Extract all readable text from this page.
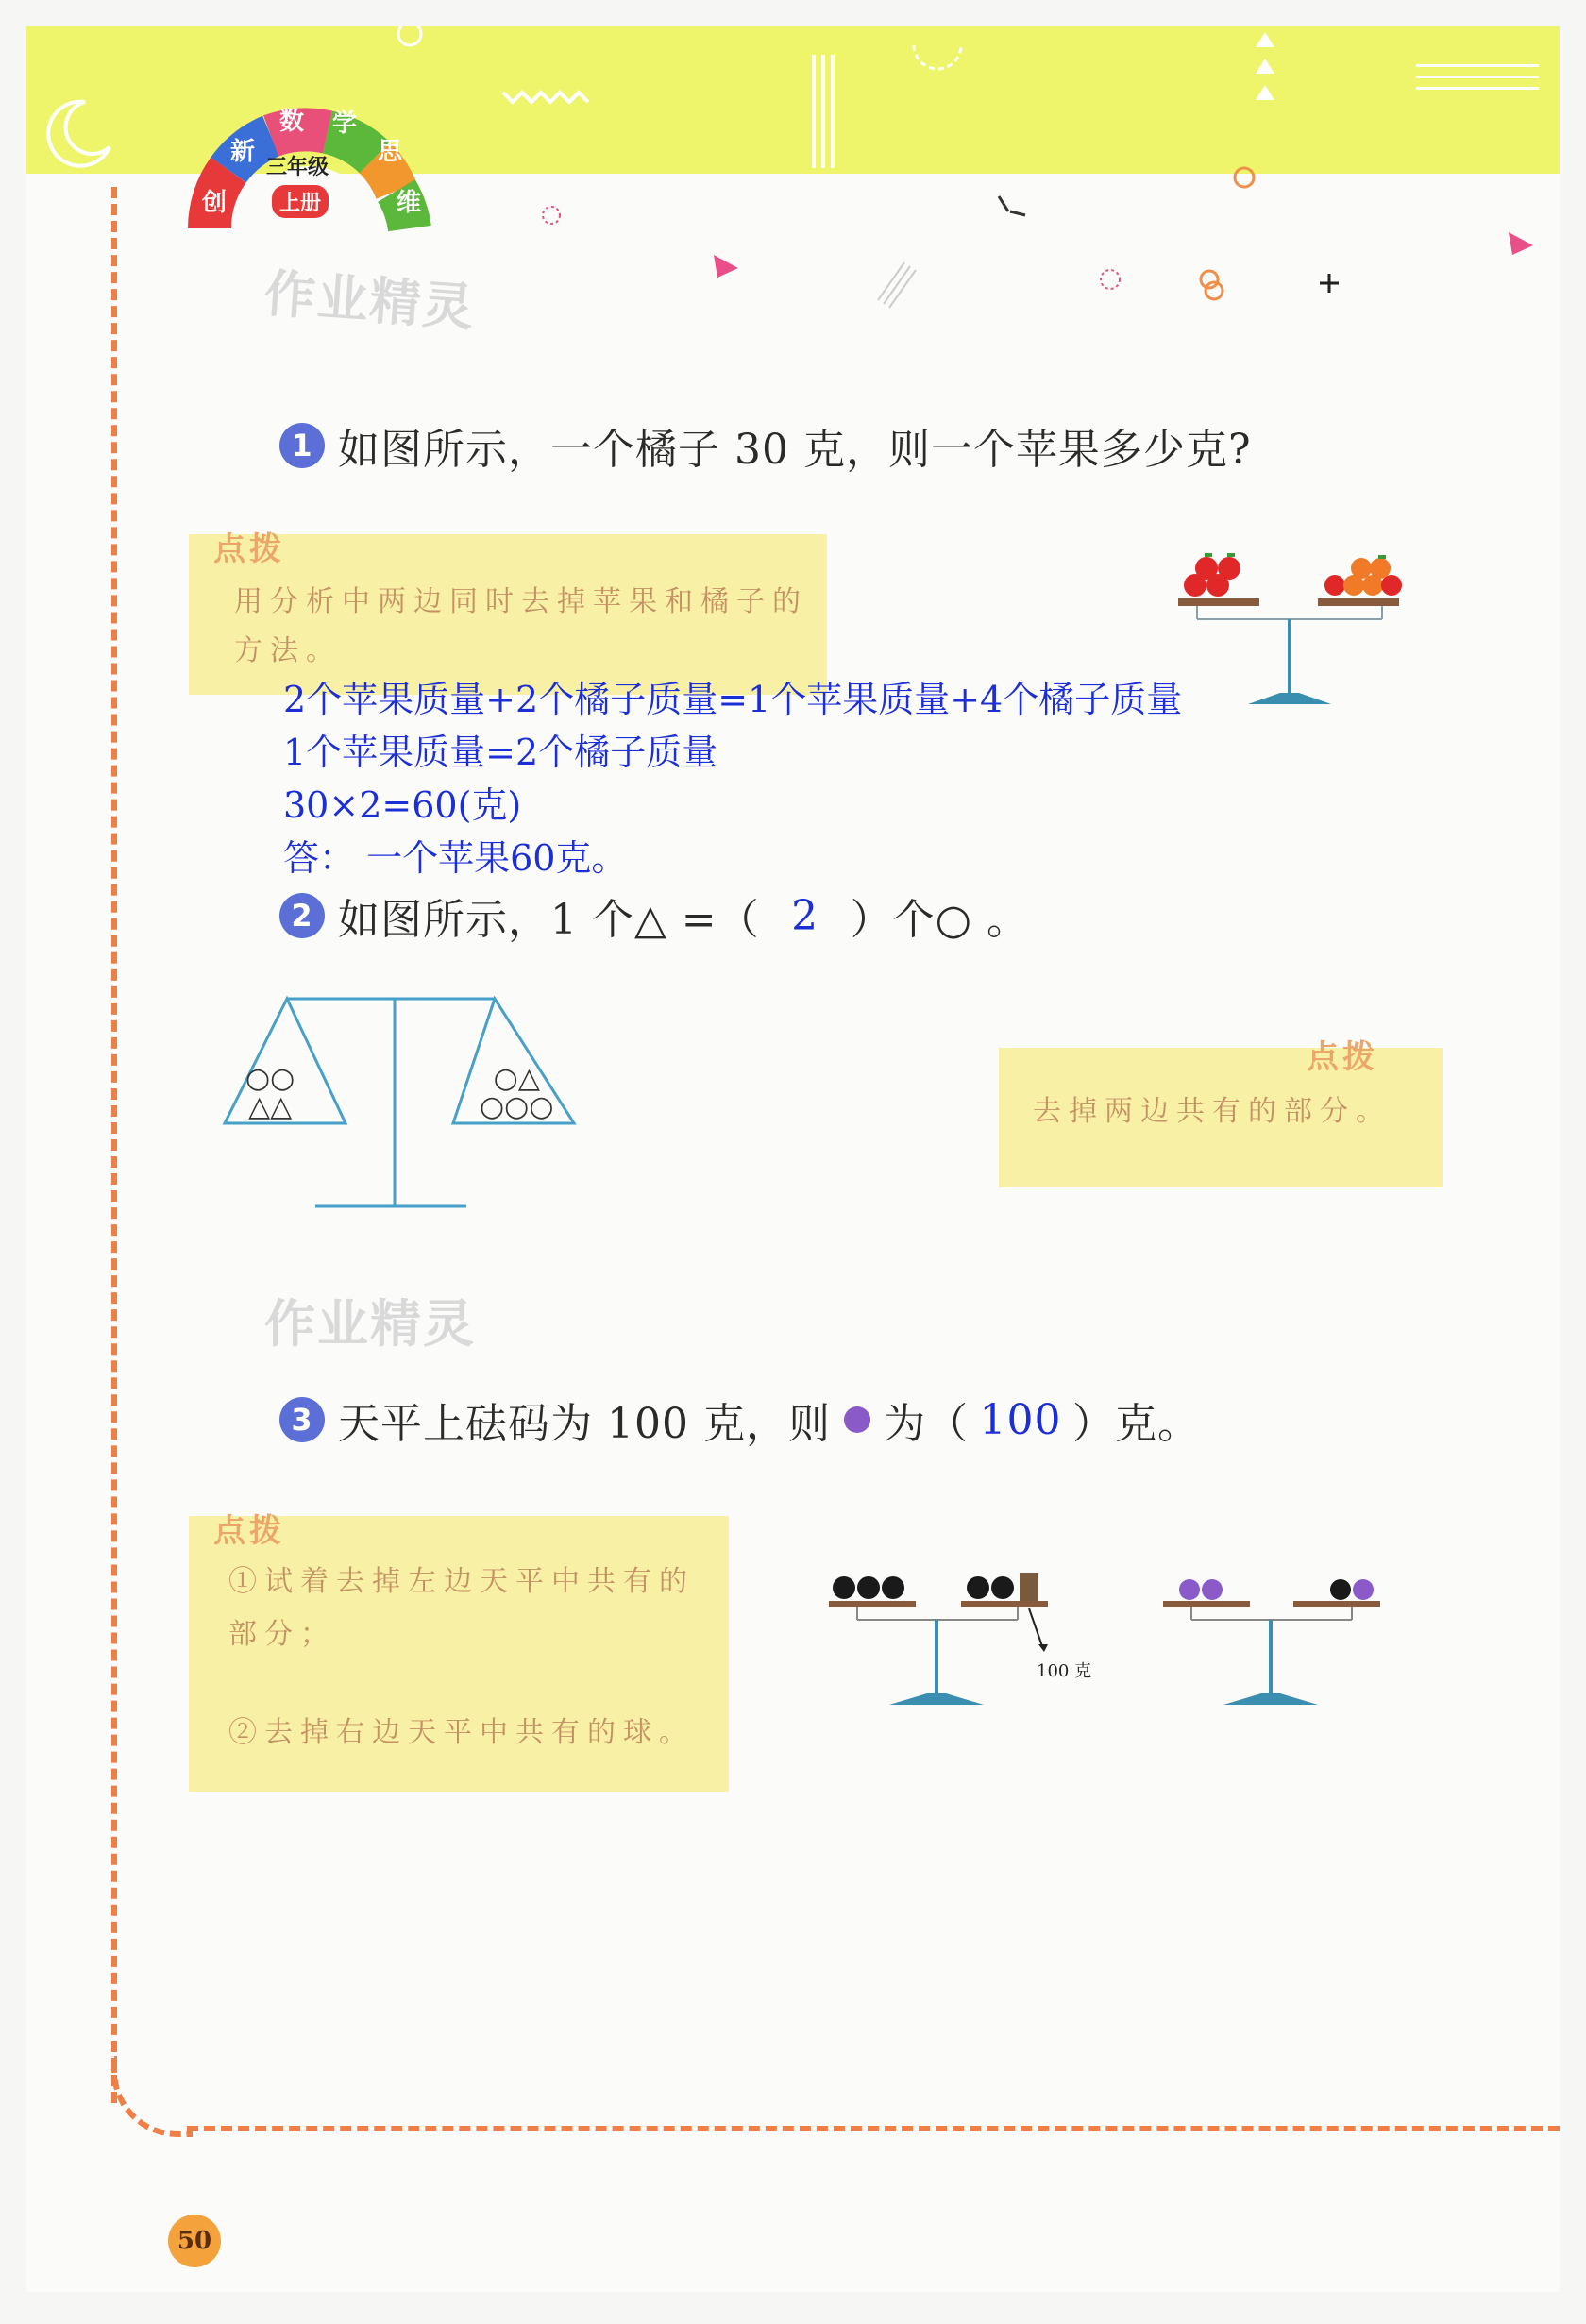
创
新
数 学
思
维
三年级
上册
作业精灵
作业精灵
1 如图所示，一个橘子 30 克，则一个苹果多少克?
点拨
用分析中两边同时去掉苹果和橘子的
方法。
2个苹果质量+2个橘子质量=1个苹果质量+4个橘子质量
1个苹果质量=2个橘子质量
30×2=60(克)
答： 一个苹果60克。
2 如图所示，1 个△ =（ 2 ）个○ 。
○○
△△
○△
○○○
点拨
去掉两边共有的部分。
3 天平上砝码为 100 克，则 为（ 100 ）克。
点拨
①试着去掉左边天平中共有的
部分；
②去掉右边天平中共有的球。
100 克
50
